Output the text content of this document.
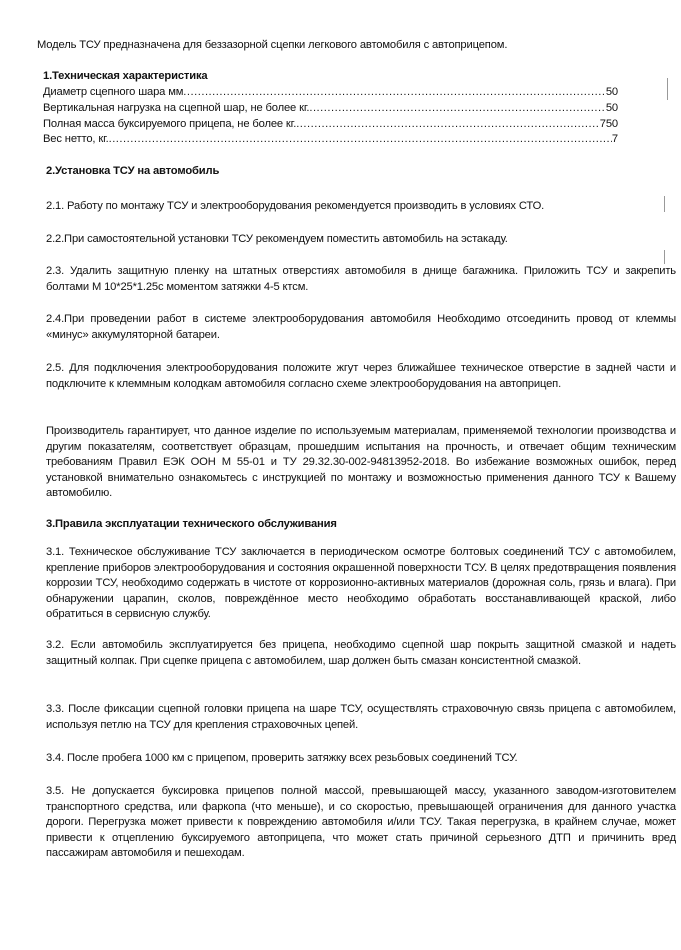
Модель ТСУ предназначена для беззазорной сцепки легкового автомобиля с автоприцепом.
1.Техническая характеристика
Диаметр сцепного шара мм .....	50
Вертикальная нагрузка на сцепной шар, не более кг. .....	50
Полная масса буксируемого прицепа, не более кг. .....	750
Вес нетто, кг. .....	7
2.Установка ТСУ на автомобиль
2.1. Работу по монтажу ТСУ и электрооборудования рекомендуется производить в условиях СТО.
2.2.При самостоятельной установки ТСУ рекомендуем поместить автомобиль на эстакаду.
2.3. Удалить защитную пленку на штатных отверстиях автомобиля в днище багажника. Приложить ТСУ и закрепить болтами М 10*25*1.25с моментом затяжки 4-5 ктсм.
2.4.При проведении работ в системе электрооборудования автомобиля Необходимо отсоединить провод от клеммы «минус» аккумуляторной батареи.
2.5. Для подключения электрооборудования положите жгут через ближайшее техническое отверстие в задней части и подключите к клеммным колодкам автомобиля согласно схеме электрооборудования на автоприцеп.
Производитель гарантирует, что данное изделие по используемым материалам, применяемой технологии производства и другим показателям, соответствует образцам, прошедшим испытания на прочность, и отвечает общим техническим требованиям Правил ЕЭК ООН М 55-01 и ТУ 29.32.30-002-94813952-2018. Во избежание возможных ошибок, перед установкой внимательно ознакомьтесь с инструкцией по монтажу и возможностью применения данного ТСУ к Вашему автомобилю.
3.Правила эксплуатации технического обслуживания
3.1. Техническое обслуживание ТСУ заключается в периодическом осмотре болтовых соединений ТСУ с автомобилем, крепление приборов электрооборудования и состояния окрашенной поверхности ТСУ. В целях предотвращения появления коррозии ТСУ, необходимо содержать в чистоте от коррозионно-активных материалов (дорожная соль, грязь и влага). При обнаружении царапин, сколов, повреждённое место необходимо обработать восстанавливающей краской, либо обратиться в сервисную службу.
3.2. Если автомобиль эксплуатируется без прицепа, необходимо сцепной шар покрыть защитной смазкой и надеть защитный колпак. При сцепке прицепа с автомобилем, шар должен быть смазан консистентной смазкой.
3.3. После фиксации сцепной головки прицепа на шаре ТСУ, осуществлять страховочную связь прицепа с автомобилем, используя петлю на ТСУ для крепления страховочных цепей.
3.4. После пробега 1000 км с прицепом, проверить затяжку всех резьбовых соединений ТСУ.
3.5. Не допускается буксировка прицепов полной массой, превышающей массу, указанного заводом-изготовителем транспортного средства, или фаркопа (что меньше), и со скоростью, превышающей ограничения для данного участка дороги. Перегрузка может привести к повреждению автомобиля и/или ТСУ. Такая перегрузка, в крайнем случае, может привести к отцеплению буксируемого автоприцепа, что может стать причиной серьезного ДТП и причинить вред пассажирам автомобиля и пешеходам.
